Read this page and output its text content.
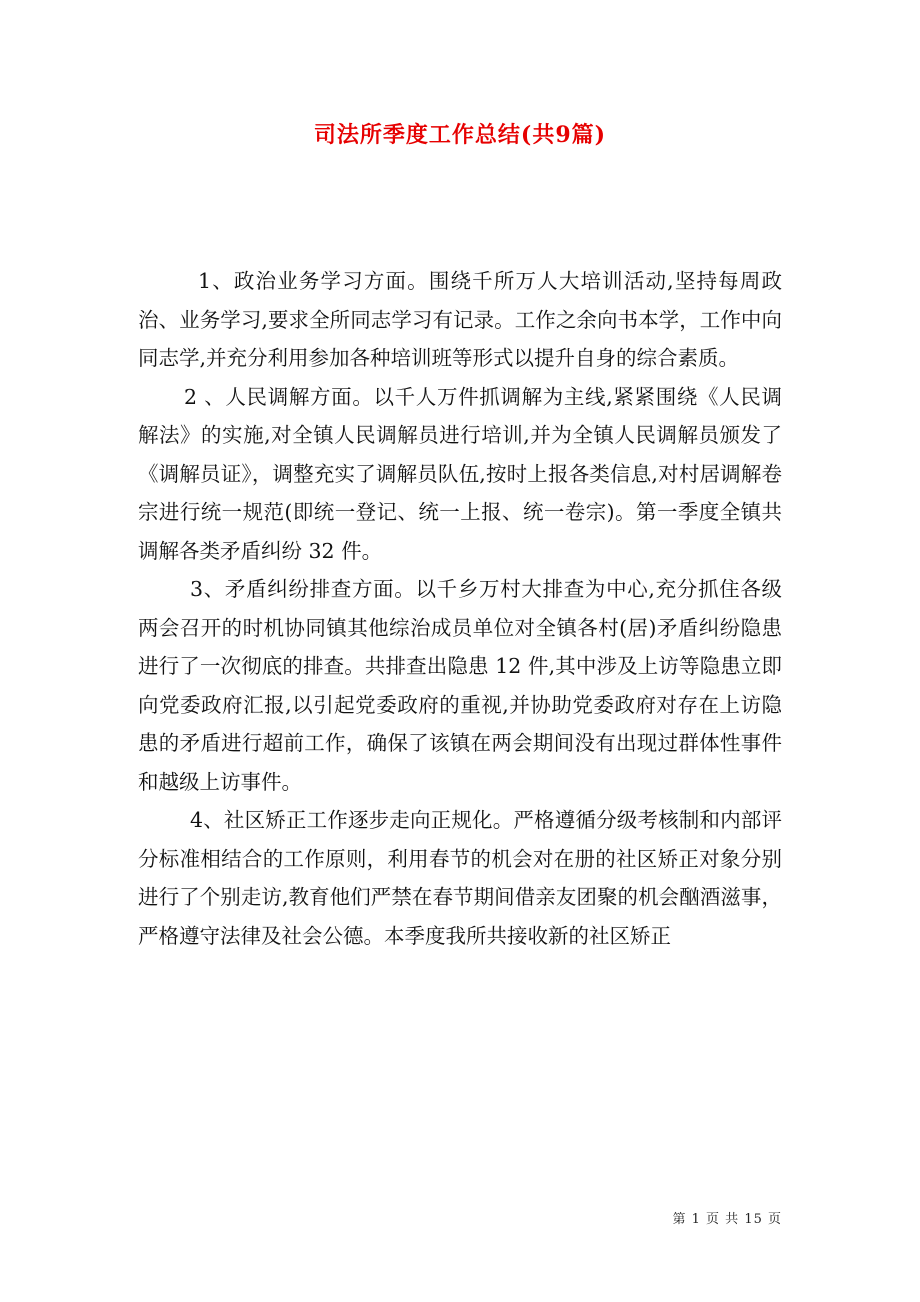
司法所季度工作总结(共9篇)

1、政治业务学习方面。围绕千所万人大培训活动,坚持每周政治、业务学习,要求全所同志学习有记录。工作之余向书本学，工作中向同志学,并充分利用参加各种培训班等形式以提升自身的综合素质。

2 、人民调解方面。以千人万件抓调解为主线,紧紧围绕《人民调解法》的实施,对全镇人民调解员进行培训,并为全镇人民调解员颁发了《调解员证》，调整充实了调解员队伍,按时上报各类信息,对村居调解卷宗进行统一规范(即统一登记、统一上报、统一卷宗)。第一季度全镇共调解各类矛盾纠纷 32 件。

3、矛盾纠纷排查方面。以千乡万村大排查为中心,充分抓住各级两会召开的时机协同镇其他综治成员单位对全镇各村(居)矛盾纠纷隐患进行了一次彻底的排查。共排查出隐患 12 件,其中涉及上访等隐患立即向党委政府汇报,以引起党委政府的重视,并协助党委政府对存在上访隐患的矛盾进行超前工作，确保了该镇在两会期间没有出现过群体性事件和越级上访事件。

4、社区矫正工作逐步走向正规化。严格遵循分级考核制和内部评分标准相结合的工作原则，利用春节的机会对在册的社区矫正对象分别进行了个别走访,教育他们严禁在春节期间借亲友团聚的机会酗酒滋事，严格遵守法律及社会公德。本季度我所共接收新的社区矫正

第 1 页 共 15 页
